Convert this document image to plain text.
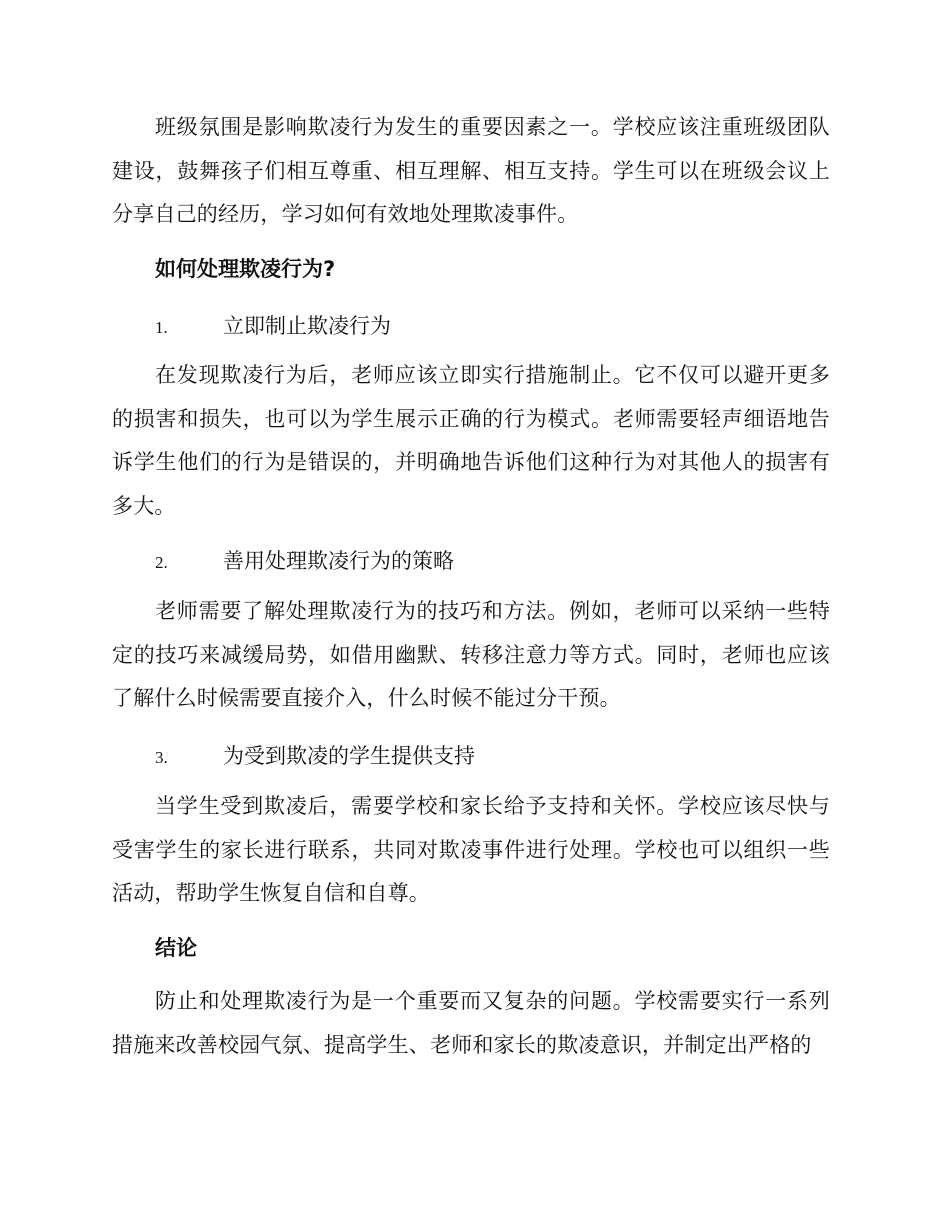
班级氛围是影响欺凌行为发生的重要因素之一。学校应该注重班级团队建设，鼓舞孩子们相互尊重、相互理解、相互支持。学生可以在班级会议上分享自己的经历，学习如何有效地处理欺凌事件。

如何处理欺凌行为?
1.	立即制止欺凌行为

在发现欺凌行为后，老师应该立即实行措施制止。它不仅可以避开更多的损害和损失，也可以为学生展示正确的行为模式。老师需要轻声细语地告诉学生他们的行为是错误的，并明确地告诉他们这种行为对其他人的损害有多大。

2.	善用处理欺凌行为的策略

老师需要了解处理欺凌行为的技巧和方法。例如，老师可以采纳一些特定的技巧来减缓局势，如借用幽默、转移注意力等方式。同时，老师也应该了解什么时候需要直接介入，什么时候不能过分干预。

3.	为受到欺凌的学生提供支持

当学生受到欺凌后，需要学校和家长给予支持和关怀。学校应该尽快与受害学生的家长进行联系，共同对欺凌事件进行处理。学校也可以组织一些活动，帮助学生恢复自信和自尊。

结论

防止和处理欺凌行为是一个重要而又复杂的问题。学校需要实行一系列措施来改善校园气氛、提高学生、老师和家长的欺凌意识，并制定出严格的
